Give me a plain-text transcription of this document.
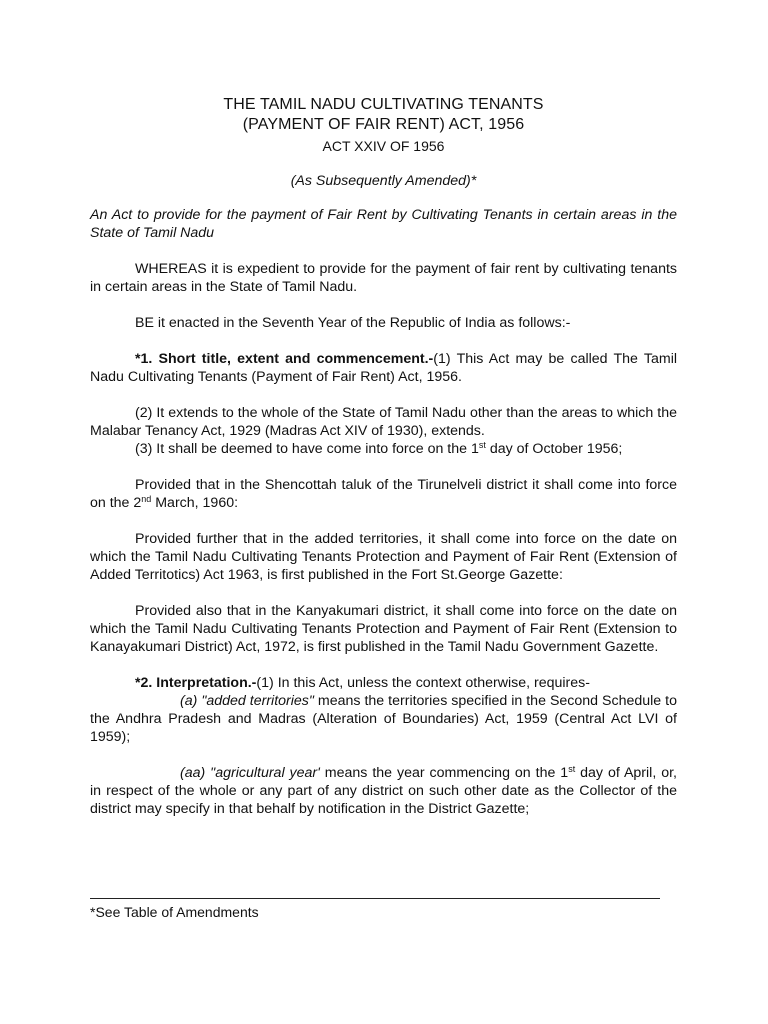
THE TAMIL NADU CULTIVATING TENANTS
(PAYMENT OF FAIR RENT) ACT, 1956
ACT XXIV OF 1956
(As Subsequently Amended)*

An Act to provide for the payment of Fair Rent by Cultivating Tenants in certain areas in the State of Tamil Nadu

WHEREAS it is expedient to provide for the payment of fair rent by cultivating tenants in certain areas in the State of Tamil Nadu.

BE it enacted in the Seventh Year of the Republic of India as follows:-

*1. Short title, extent and commencement.-(1) This Act may be called The Tamil Nadu Cultivating Tenants (Payment of Fair Rent) Act, 1956.

(2) It extends to the whole of the State of Tamil Nadu other than the areas to which the Malabar Tenancy Act, 1929 (Madras Act XIV of 1930), extends.

(3) It shall be deemed to have come into force on the 1st day of October 1956;

Provided that in the Shencottah taluk of the Tirunelveli district it shall come into force on the 2nd March, 1960:

Provided further that in the added territories, it shall come into force on the date on which the Tamil Nadu Cultivating Tenants Protection and Payment of Fair Rent (Extension of Added Territotics) Act 1963, is first published in the Fort St.George Gazette:

Provided also that in the Kanyakumari district, it shall come into force on the date on which the Tamil Nadu Cultivating Tenants Protection and Payment of Fair Rent (Extension to Kanayakumari District) Act, 1972, is first published in the Tamil Nadu Government Gazette.

*2. Interpretation.-(1) In this Act, unless the context otherwise, requires-

(a) "added territories" means the territories specified in the Second Schedule to the Andhra Pradesh and Madras (Alteration of Boundaries) Act, 1959 (Central Act LVI of 1959);

(aa) "agricultural year' means the year commencing on the 1st day of April, or, in respect of the whole or any part of any district on such other date as the Collector of the district may specify in that behalf by notification in the District Gazette;

*See Table of Amendments
